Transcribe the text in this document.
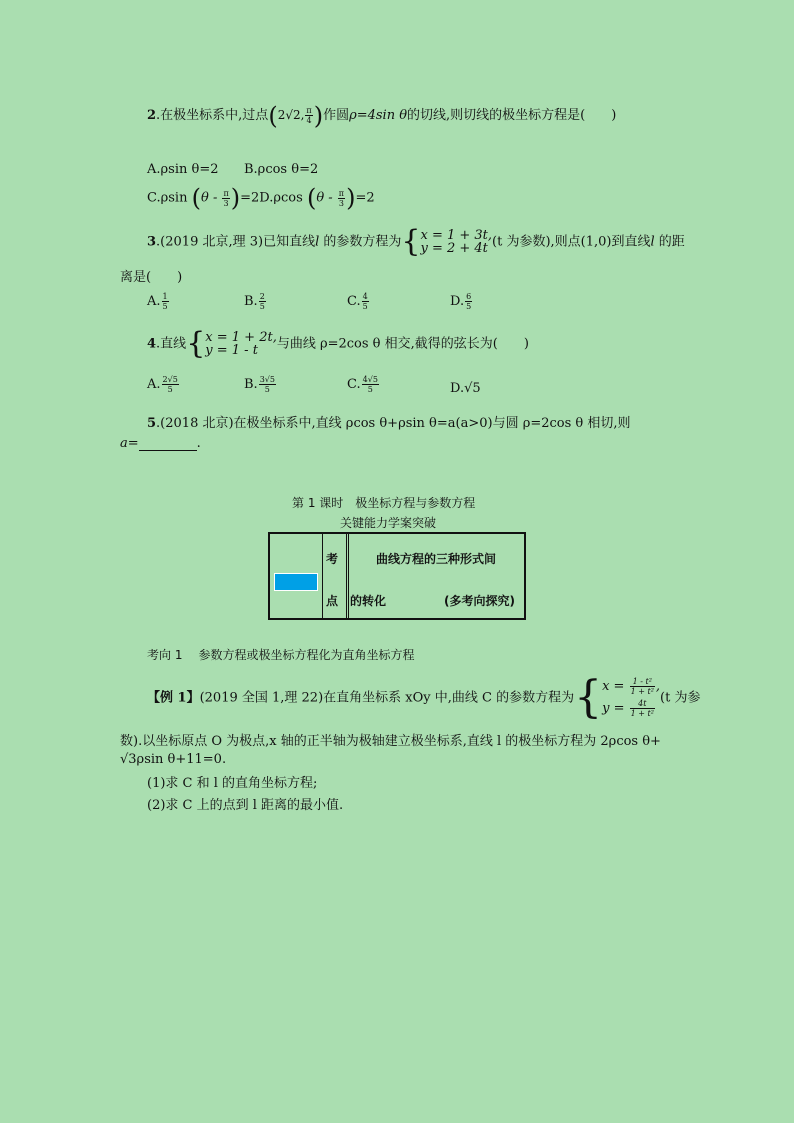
2.在极坐标系中,过点(2√2, $\frac{\pi}{4}$ )作圆ρ=4sin θ的切线,则切线的极坐标方程是(　　)
A.ρsin θ=2 B.ρcos θ=2
C.ρsin $(\theta - \frac{\pi}{3} )=2D.\rho\cos$ $(\theta - \frac{\pi}{3} )=2$
3.(2019 北京,理 3)已知直线l 的参数方程为{ x = 1 + 3t,
y = 2 + 4t (t 为参数),则点(1,0)到直线l 的距
离是(　　)
A. $\frac{1}{5}$	B. $\frac{2}{5}$	C. $\frac{4}{5}$	D. $\frac{6}{5}$
4.直线{ x = 1 + 2t,
y = 1 - t	与曲线 ρ=2cos θ 相交,截得的弦长为(　　)
A. $\frac{2√5}{5}$	B. $\frac{3√5}{5}$	C. $\frac{4√5}{5}$	D.√5
5.(2018 北京)在极坐标系中,直线 ρcos θ+ρsin θ=a(a>0)与圆 ρ=2cos θ 相切,则
a=	.
第 1 课时　极坐标方程与参数方程
关键能力学案突破
考
点
曲线方程的三种形式间
的转化	(多考向探究)
考向 1 参数方程或极坐标方程化为直角坐标方程
【例 1】(2019 全国 1,理 22)在直角坐标系 xOy 中,曲线 C 的参数方程为{ $x = \frac{\text{1 - t²}}{\text{1 + t²}}$ ,
$y = \frac{4t}{\text{1 + t²}}$
(t 为参
数).以坐标原点 O 为极点,x 轴的正半轴为极轴建立极坐标系,直线 l 的极坐标方程为 2ρcos θ+
√3ρsin θ+11=0.
(1)求 C 和 l 的直角坐标方程;
(2)求 C 上的点到 l 距离的最小值.
